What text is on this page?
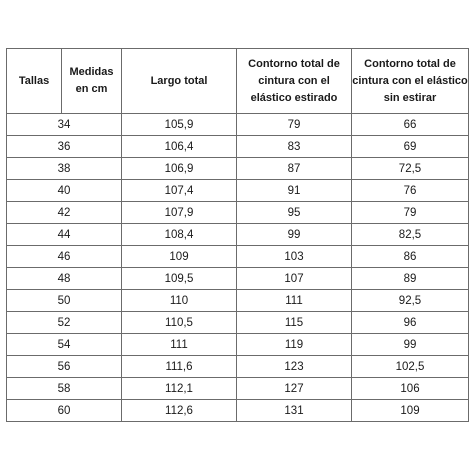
Tallas	Medidas en cm	Largo total	Contorno total de cintura con el elástico estirado	Contorno total de cintura con el elástico sin estirar
34		105,9	79	66
36		106,4	83	69
38		106,9	87	72,5
40		107,4	91	76
42		107,9	95	79
44		108,4	99	82,5
46		109	103	86
48		109,5	107	89
50		110	111	92,5
52		110,5	115	96
54		111	119	99
56		111,6	123	102,5
58		112,1	127	106
60		112,6	131	109
